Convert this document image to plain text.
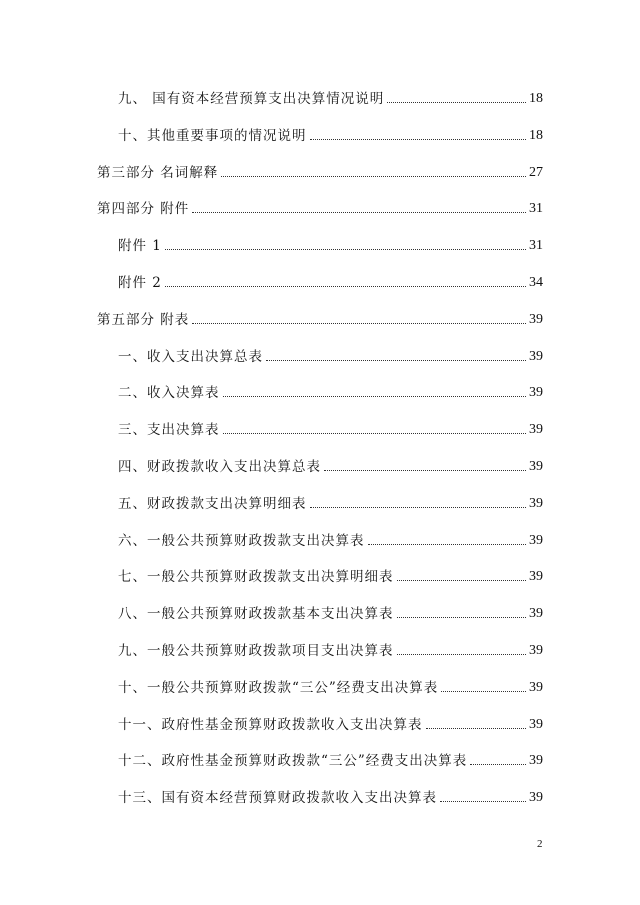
九、 国有资本经营预算支出决算情况说明	18
十、其他重要事项的情况说明	18
第三部分 名词解释	27
第四部分 附件	31
附件 1	31
附件 2	34
第五部分 附表	39
一、收入支出决算总表	39
二、收入决算表	39
三、支出决算表	39
四、财政拨款收入支出决算总表	39
五、财政拨款支出决算明细表	39
六、一般公共预算财政拨款支出决算表	39
七、一般公共预算财政拨款支出决算明细表	39
八、一般公共预算财政拨款基本支出决算表	39
九、一般公共预算财政拨款项目支出决算表	39
十、一般公共预算财政拨款“三公”经费支出决算表	39
十一、政府性基金预算财政拨款收入支出决算表	39
十二、政府性基金预算财政拨款“三公”经费支出决算表	39
十三、国有资本经营预算财政拨款收入支出决算表	39
2
